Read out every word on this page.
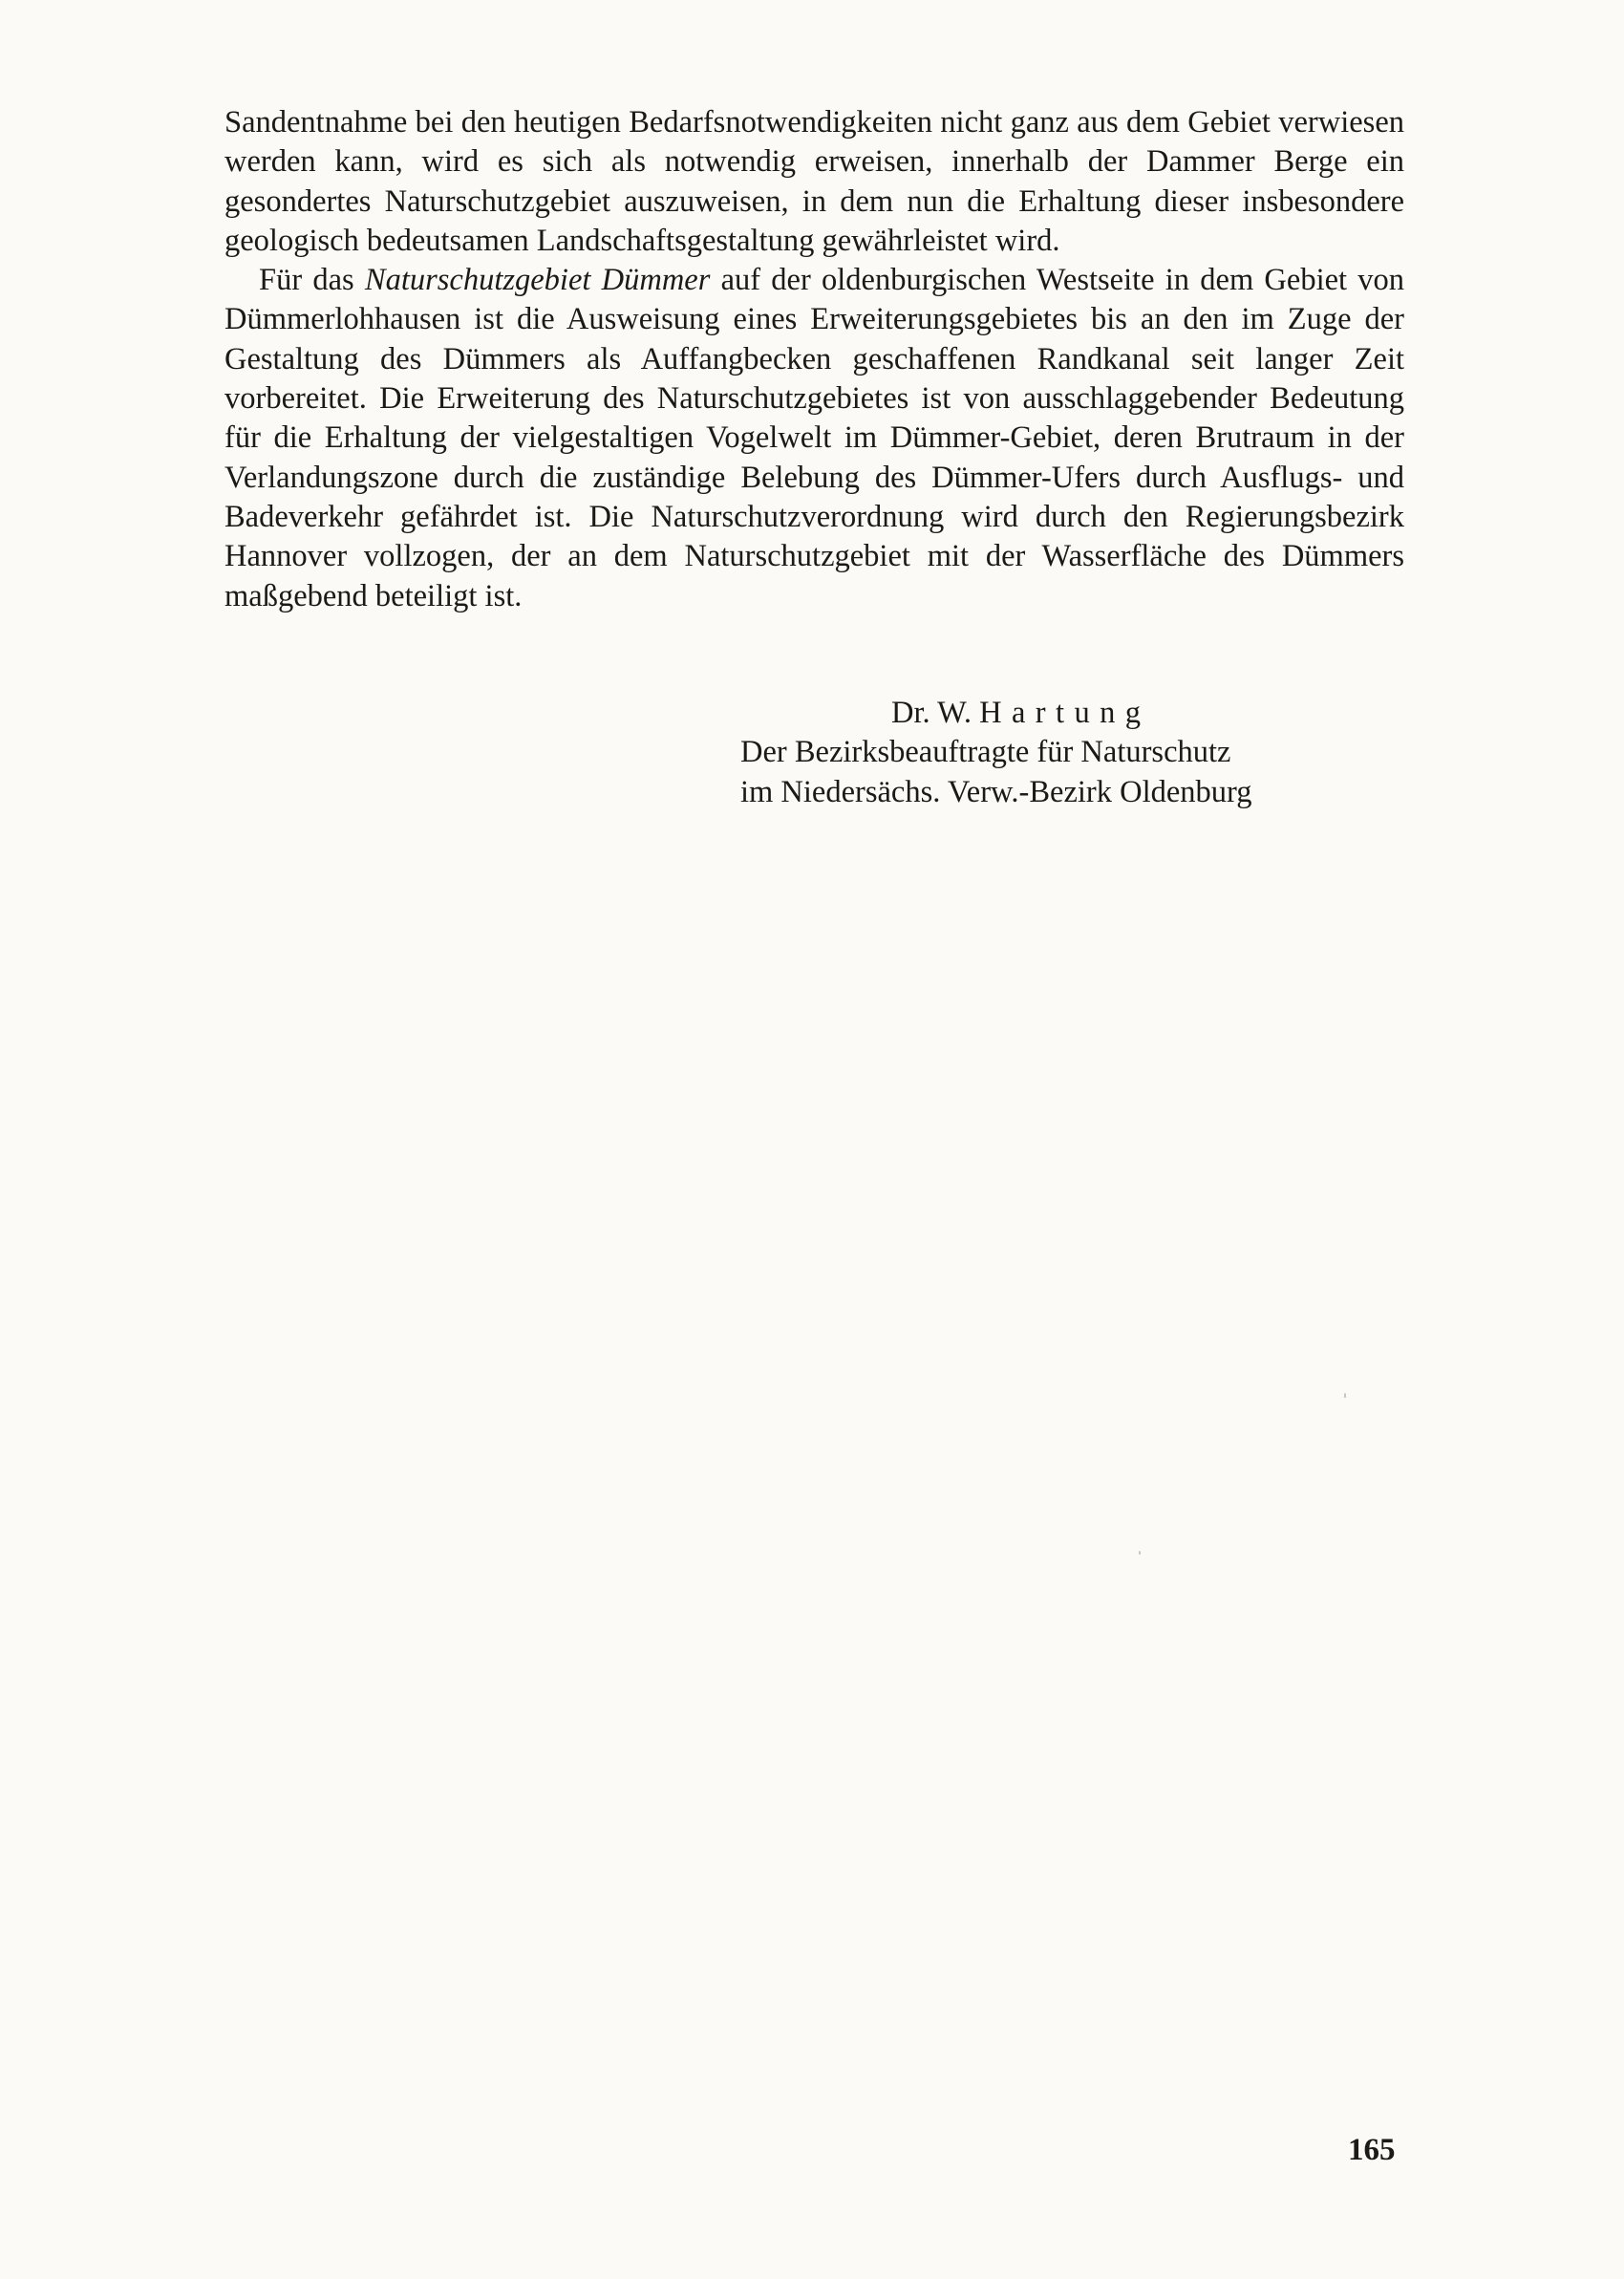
Sandentnahme bei den heutigen Bedarfsnotwendigkeiten nicht ganz aus dem Gebiet verwiesen werden kann, wird es sich als notwendig erweisen, innerhalb der Dammer Berge ein gesondertes Naturschutzgebiet auszuweisen, in dem nun die Erhaltung dieser insbesondere geologisch bedeutsamen Landschaftsgestaltung gewährleistet wird.

Für das Naturschutzgebiet Dümmer auf der oldenburgischen Westseite in dem Gebiet von Dümmerlohhausen ist die Ausweisung eines Erweiterungsgebietes bis an den im Zuge der Gestaltung des Dümmers als Auffangbecken geschaffenen Randkanal seit langer Zeit vorbereitet. Die Erweiterung des Naturschutzgebietes ist von ausschlaggebender Bedeutung für die Erhaltung der vielgestaltigen Vogelwelt im Dümmer-Gebiet, deren Brutraum in der Verlandungszone durch die zuständige Belebung des Dümmer-Ufers durch Ausflugs- und Badeverkehr gefährdet ist. Die Naturschutzverordnung wird durch den Regierungsbezirk Hannover vollzogen, der an dem Naturschutzgebiet mit der Wasserfläche des Dümmers maßgebend beteiligt ist.

Dr. W. Hartung
Der Bezirksbeauftragte für Naturschutz
im Niedersächs. Verw.-Bezirk Oldenburg
165
